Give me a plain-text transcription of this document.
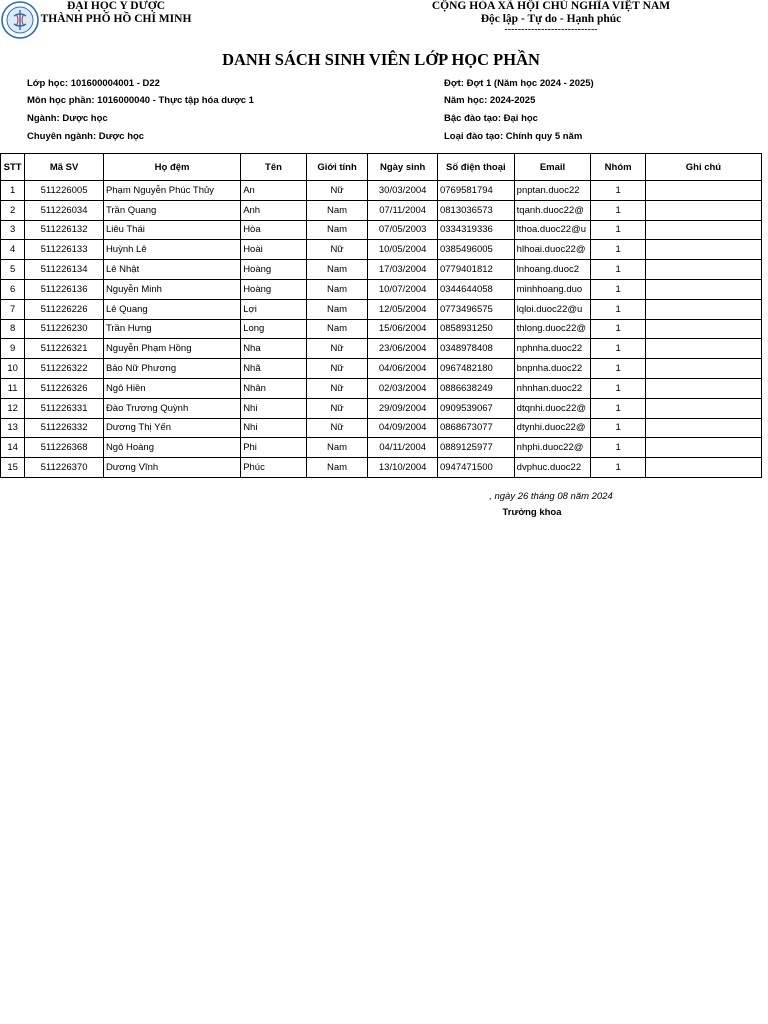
ĐẠI HỌC Y DƯỢC
THÀNH PHỐ HỒ CHÍ MINH
CỘNG HÒA XÃ HỘI CHỦ NGHĨA VIỆT NAM
Độc lập - Tự do - Hạnh phúc
----------------------------
DANH SÁCH SINH VIÊN LỚP HỌC PHẦN
Lớp học: 101600004001 - D22
Môn học phần: 1016000040 - Thực tập hóa dược 1
Ngành: Dược học
Chuyên ngành: Dược học
Đợt: Đợt 1 (Năm học 2024 - 2025)
Năm học: 2024-2025
Bậc đào tạo: Đại học
Loại đào tạo: Chính quy 5 năm
STT	Mã SV	Họ đệm	Tên	Giới tính	Ngày sinh	Số điện thoại	Email	Nhóm	Ghi chú
1	511226005	Phạm Nguyễn Phúc Thủy	An	Nữ	30/03/2004	0769581794	pnptan.duoc22	1	
2	511226034	Trần Quang	Anh	Nam	07/11/2004	0813036573	tqanh.duoc22@	1	
3	511226132	Liêu Thái	Hòa	Nam	07/05/2003	0334319336	lthoa.duoc22@u	1	
4	511226133	Huỳnh Lê	Hoài	Nữ	10/05/2004	0385496005	hlhoai.duoc22@	1	
5	511226134	Lê Nhật	Hoàng	Nam	17/03/2004	0779401812	lnhoang.duoc2	1	
6	511226136	Nguyễn Minh	Hoàng	Nam	10/07/2004	0344644058	minhhoang.duo	1	
7	511226226	Lê Quang	Lợi	Nam	12/05/2004	0773496575	lqloi.duoc22@u	1	
8	511226230	Trần Hưng	Long	Nam	15/06/2004	0858931250	thlong.duoc22@	1	
9	511226321	Nguyễn Phạm Hồng	Nha	Nữ	23/06/2004	0348978408	nphnha.duoc22	1	
10	511226322	Bảo Nữ Phương	Nhã	Nữ	04/06/2004	0967482180	bnpnha.duoc22	1	
11	511226326	Ngô Hiền	Nhân	Nữ	02/03/2004	0886638249	nhnhan.duoc22	1	
12	511226331	Đào Trương Quỳnh	Nhi	Nữ	29/09/2004	0909539067	dtqnhi.duoc22@	1	
13	511226332	Dương Thị Yến	Nhi	Nữ	04/09/2004	0868673077	dtynhi.duoc22@	1	
14	511226368	Ngô Hoàng	Phi	Nam	04/11/2004	0889125977	nhphi.duoc22@	1	
15	511226370	Dương Vĩnh	Phúc	Nam	13/10/2004	0947471500	dvphuc.duoc22	1	
, ngày 26 tháng 08 năm 2024
Trưởng khoa
